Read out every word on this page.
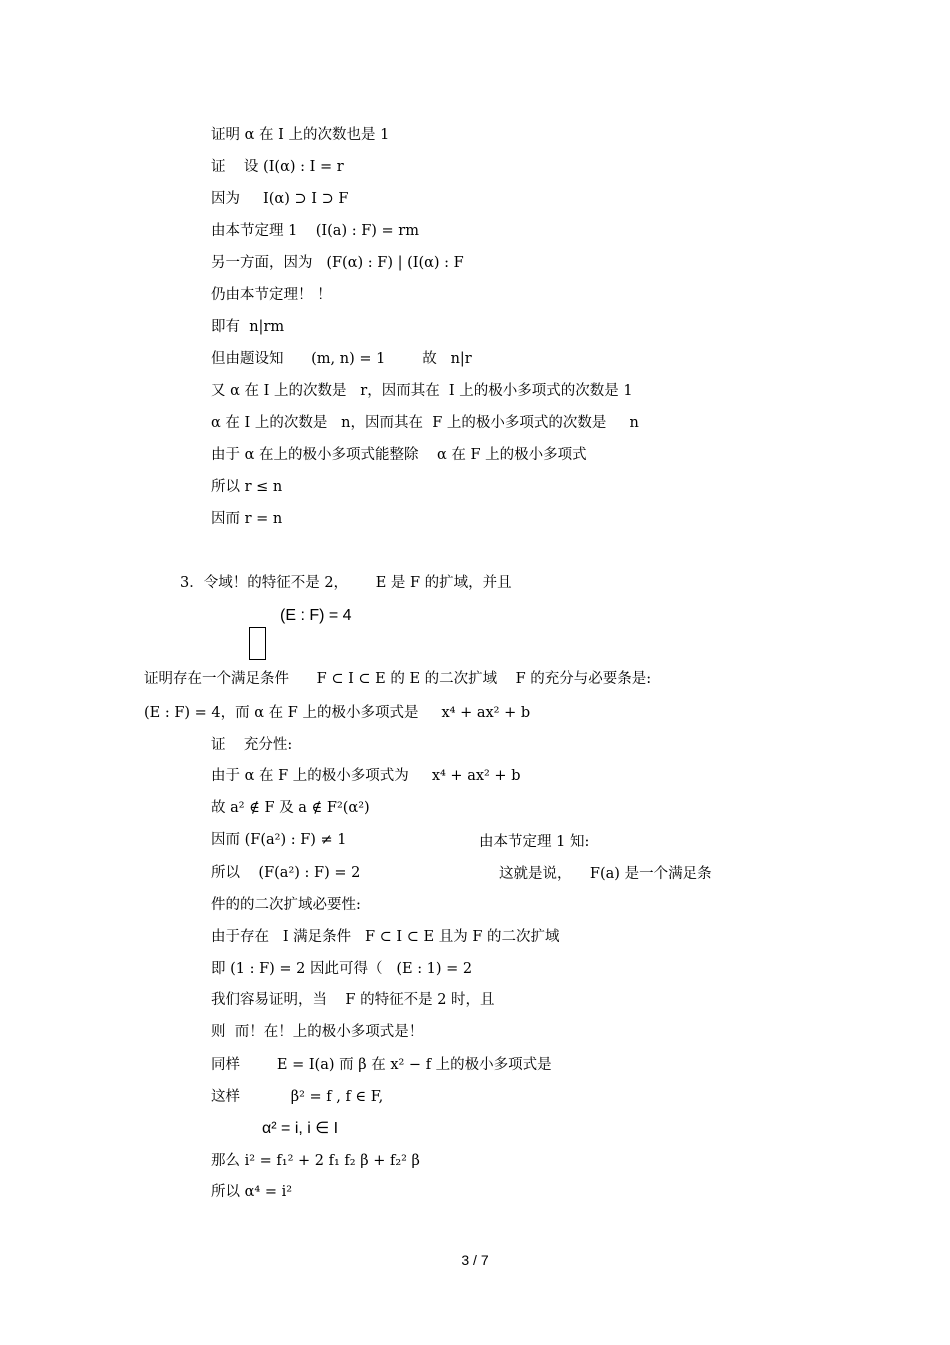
证明 α 在 I 上的次数也是 1
证    设 (I(α) : I = r
因为     I(α) ⊃ I ⊃ F
由本节定理 1    (I(a) : F) = rm
另一方面，因为   (F(α) : F) | (I(α) : F
仍由本节定理！ ！
即有  n|rm
但由题设知      (m, n) = 1        故   n|r
又 α 在 I 上的次数是   r，因而其在  I 上的极小多项式的次数是 1
α 在 I 上的次数是   n，因而其在  F 上的极小多项式的次数是     n
由于 α 在上的极小多项式能整除    α 在 F 上的极小多项式
所以 r ≤ n
因而 r = n
3．令域！的特征不是 2，      E 是 F 的扩域，并且
(E : F) = 4
证明存在一个满足条件      F ⊂ I ⊂ E 的 E 的二次扩域    F 的充分与必要条是:
(E : F) = 4，而 α 在 F 上的极小多项式是     x⁴ + ax² + b
证    充分性:
由于 α 在 F 上的极小多项式为     x⁴ + ax² + b
故 a² ∉ F 及 a ∉ F²(α²)
因而 (F(a²) : F) ≠ 1	由本节定理 1 知:
所以    (F(a²) : F) = 2	这就是说，    F(a) 是一个满足条
件的的二次扩域必要性:
由于存在   I 满足条件   F ⊂ I ⊂ E 且为 F 的二次扩域
即 (1 : F) = 2 因此可得（   (E : 1) = 2
我们容易证明，当    F 的特征不是 2 时，且
则  而！在！上的极小多项式是！
同样        E = I(a) 而 β 在 x² − f 上的极小多项式是
这样           β² = f , f ∈ F,
α² = i, i ∈ I
那么 i² = f₁² + 2 f₁ f₂ β + f₂² β
所以 α⁴ = i²
3 / 7
